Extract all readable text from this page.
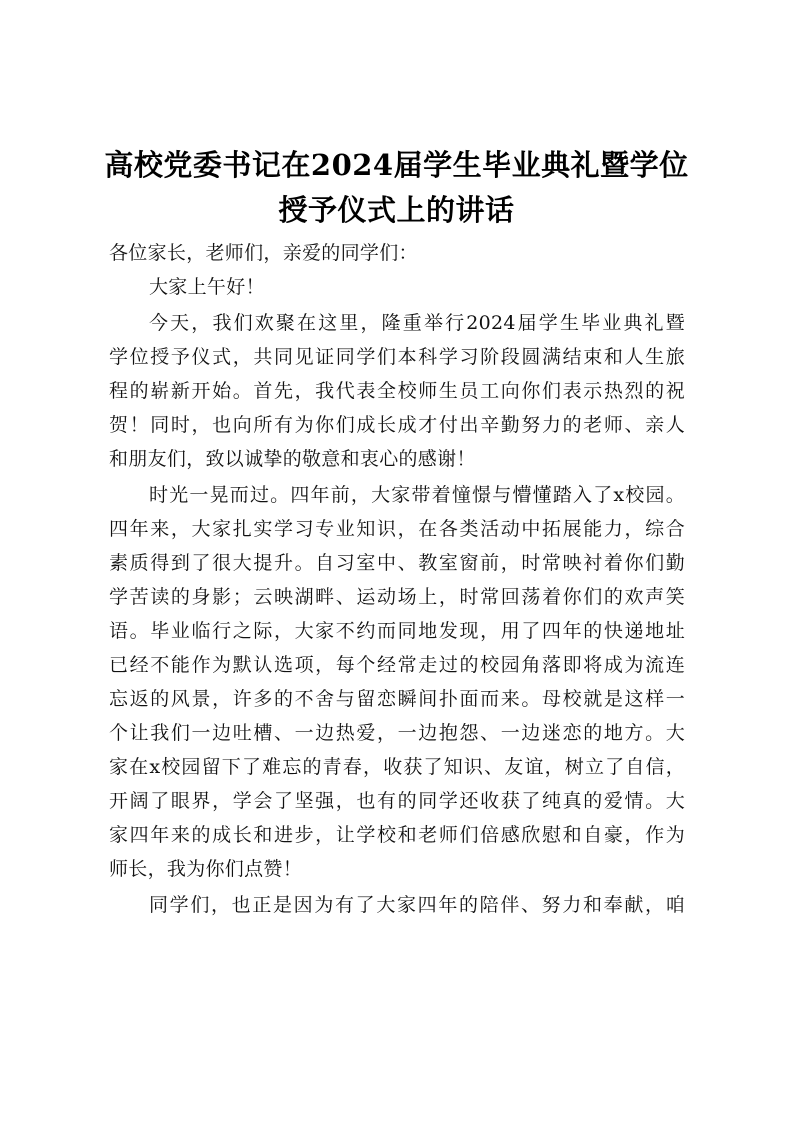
高校党委书记在2024届学生毕业典礼暨学位
授予仪式上的讲话
各位家长，老师们，亲爱的同学们：
大家上午好！
今天，我们欢聚在这里，隆重举行2024届学生毕业典礼暨
学位授予仪式，共同见证同学们本科学习阶段圆满结束和人生旅
程的崭新开始。首先，我代表全校师生员工向你们表示热烈的祝
贺！同时，也向所有为你们成长成才付出辛勤努力的老师、亲人
和朋友们，致以诚挚的敬意和衷心的感谢！
时光一晃而过。四年前，大家带着憧憬与懵懂踏入了x校园。
四年来，大家扎实学习专业知识，在各类活动中拓展能力，综合
素质得到了很大提升。自习室中、教室窗前，时常映衬着你们勤
学苦读的身影；云映湖畔、运动场上，时常回荡着你们的欢声笑
语。毕业临行之际，大家不约而同地发现，用了四年的快递地址
已经不能作为默认选项，每个经常走过的校园角落即将成为流连
忘返的风景，许多的不舍与留恋瞬间扑面而来。母校就是这样一
个让我们一边吐槽、一边热爱，一边抱怨、一边迷恋的地方。大
家在x校园留下了难忘的青春，收获了知识、友谊，树立了自信，
开阔了眼界，学会了坚强，也有的同学还收获了纯真的爱情。大
家四年来的成长和进步，让学校和老师们倍感欣慰和自豪，作为
师长，我为你们点赞！
同学们，也正是因为有了大家四年的陪伴、努力和奉献，咱
